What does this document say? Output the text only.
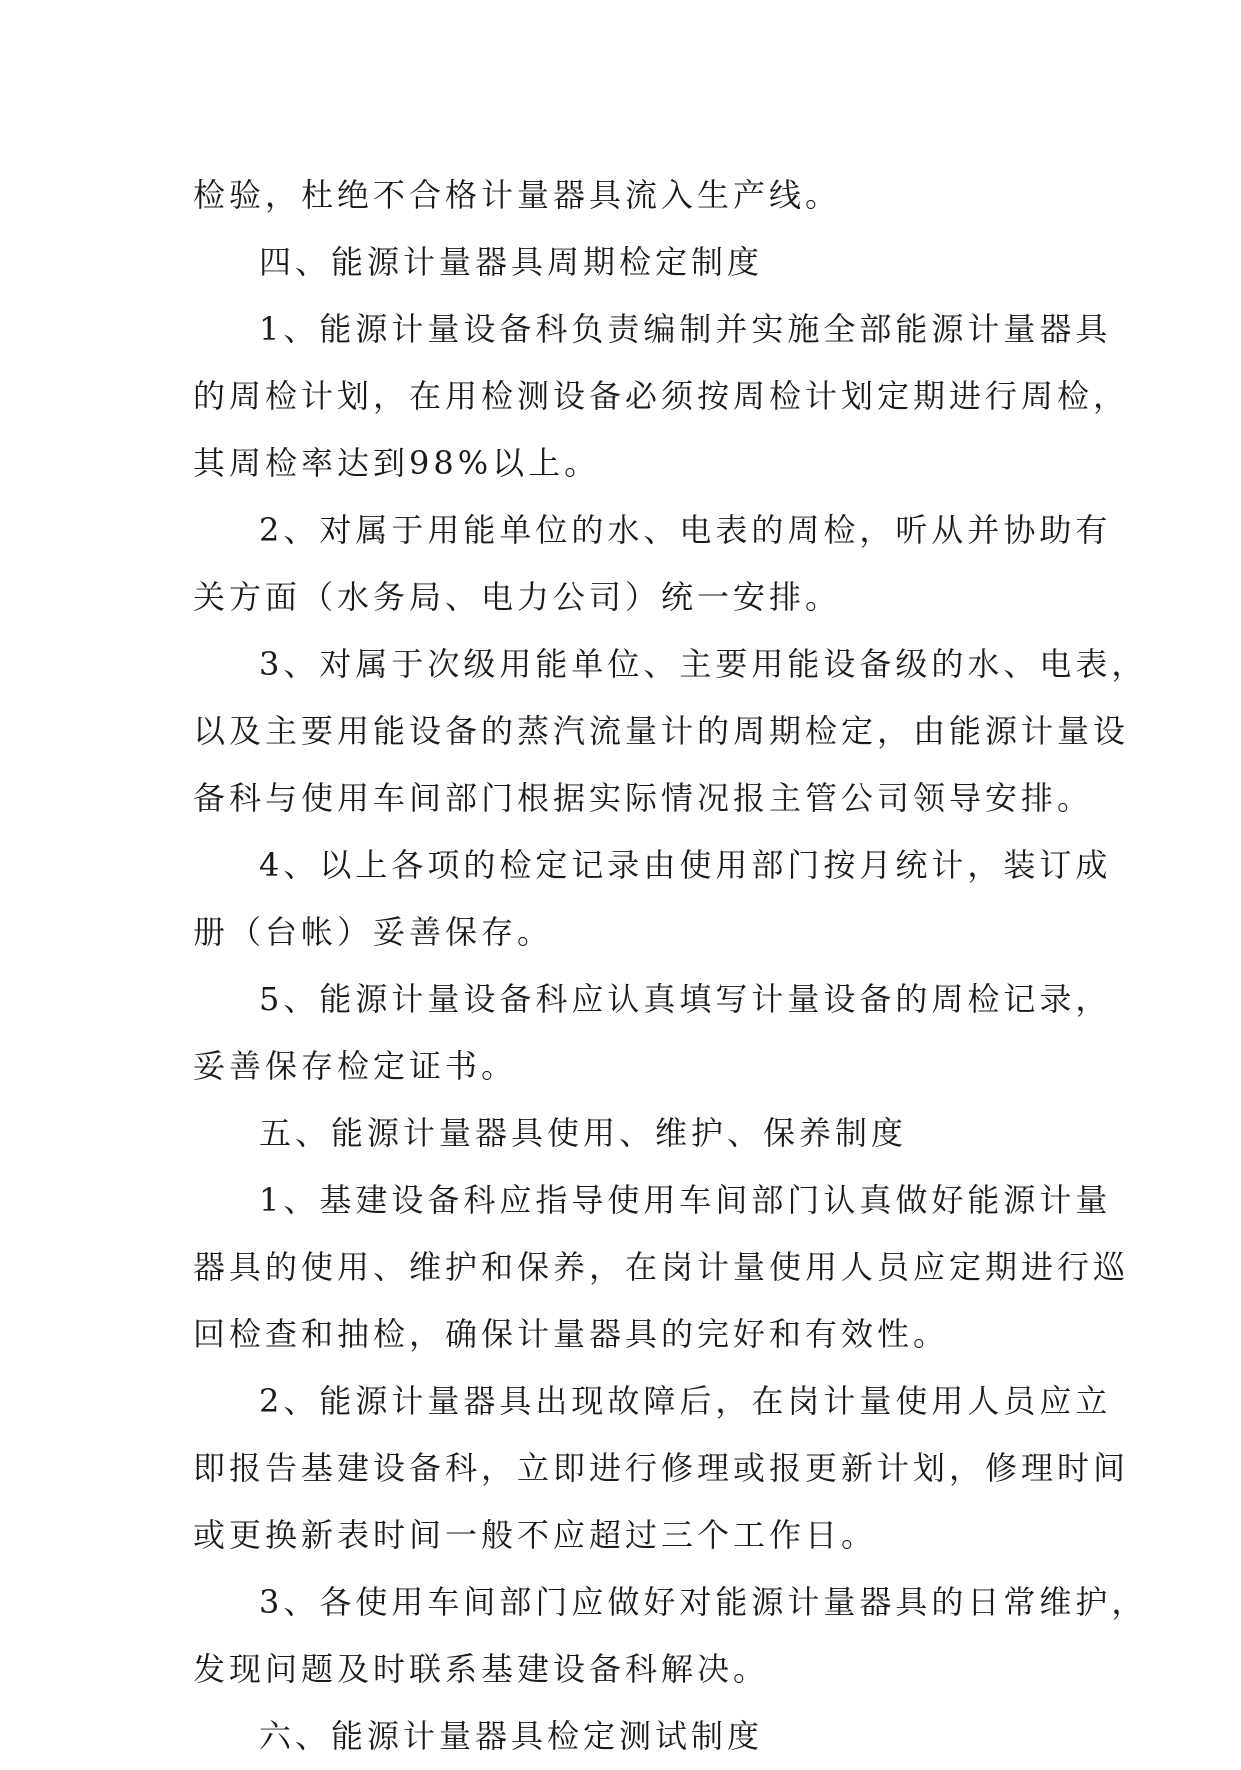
检验，杜绝不合格计量器具流入生产线。
四、能源计量器具周期检定制度
1、能源计量设备科负责编制并实施全部能源计量器具
的周检计划，在用检测设备必须按周检计划定期进行周检，
其周检率达到98%以上。
2、对属于用能单位的水、电表的周检，听从并协助有
关方面（水务局、电力公司）统一安排。
3、对属于次级用能单位、主要用能设备级的水、电表，
以及主要用能设备的蒸汽流量计的周期检定，由能源计量设
备科与使用车间部门根据实际情况报主管公司领导安排。
4、以上各项的检定记录由使用部门按月统计，装订成
册（台帐）妥善保存。
5、能源计量设备科应认真填写计量设备的周检记录，
妥善保存检定证书。
五、能源计量器具使用、维护、保养制度
1、基建设备科应指导使用车间部门认真做好能源计量
器具的使用、维护和保养，在岗计量使用人员应定期进行巡
回检查和抽检，确保计量器具的完好和有效性。
2、能源计量器具出现故障后，在岗计量使用人员应立
即报告基建设备科，立即进行修理或报更新计划，修理时间
或更换新表时间一般不应超过三个工作日。
3、各使用车间部门应做好对能源计量器具的日常维护，
发现问题及时联系基建设备科解决。
六、能源计量器具检定测试制度
